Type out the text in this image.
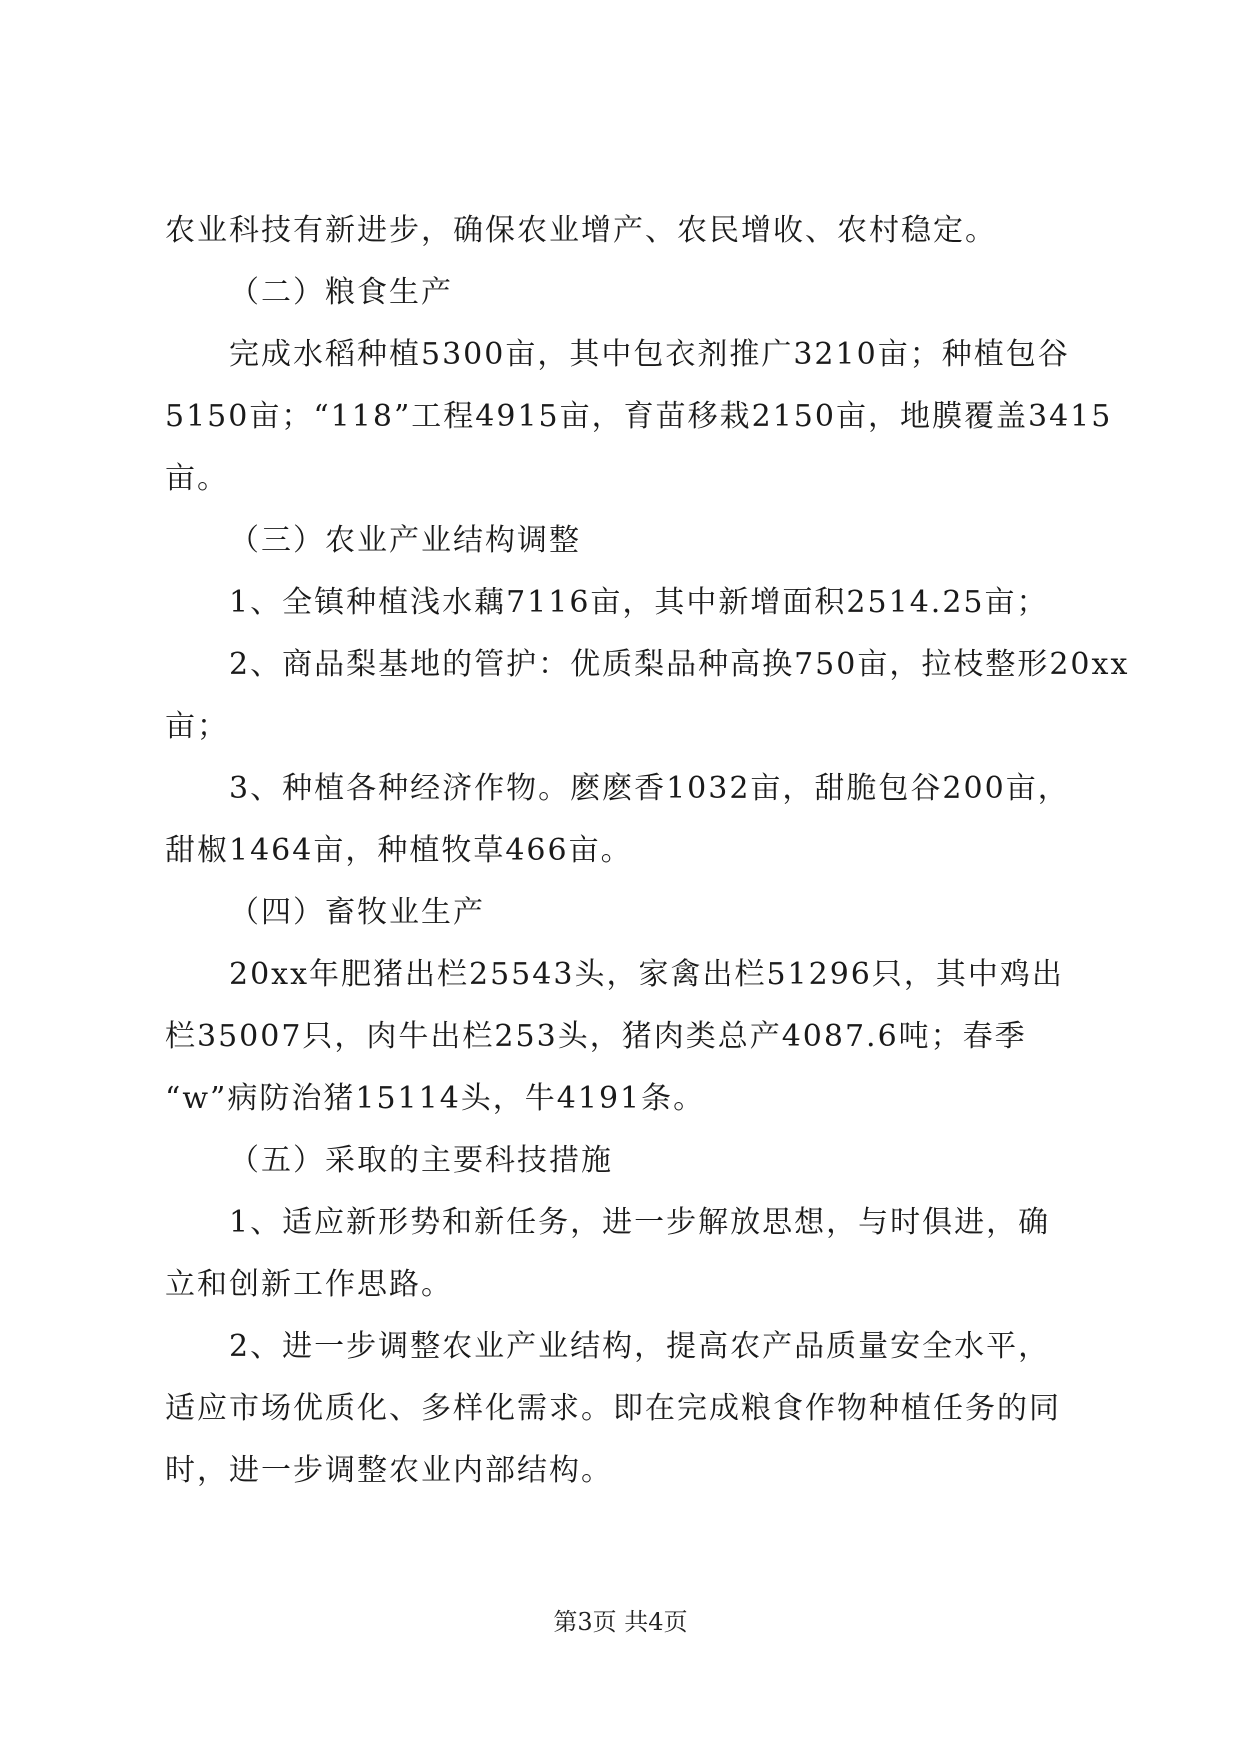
农业科技有新进步，确保农业增产、农民增收、农村稳定。
（二）粮食生产
完成水稻种植5300亩，其中包衣剂推广3210亩；种植包谷
5150亩；“118”工程4915亩，育苗移栽2150亩，地膜覆盖3415
亩。
（三）农业产业结构调整
1、全镇种植浅水藕7116亩，其中新增面积2514.25亩；
2、商品梨基地的管护：优质梨品种高换750亩，拉枝整形20xx
亩；
3、种植各种经济作物。麽麽香1032亩，甜脆包谷200亩，
甜椒1464亩，种植牧草466亩。
（四）畜牧业生产
20xx年肥猪出栏25543头，家禽出栏51296只，其中鸡出
栏35007只，肉牛出栏253头，猪肉类总产4087.6吨；春季
“w”病防治猪15114头，牛4191条。
（五）采取的主要科技措施
1、适应新形势和新任务，进一步解放思想，与时俱进，确
立和创新工作思路。
2、进一步调整农业产业结构，提高农产品质量安全水平，
适应市场优质化、多样化需求。即在完成粮食作物种植任务的同
时，进一步调整农业内部结构。
第3页 共4页
